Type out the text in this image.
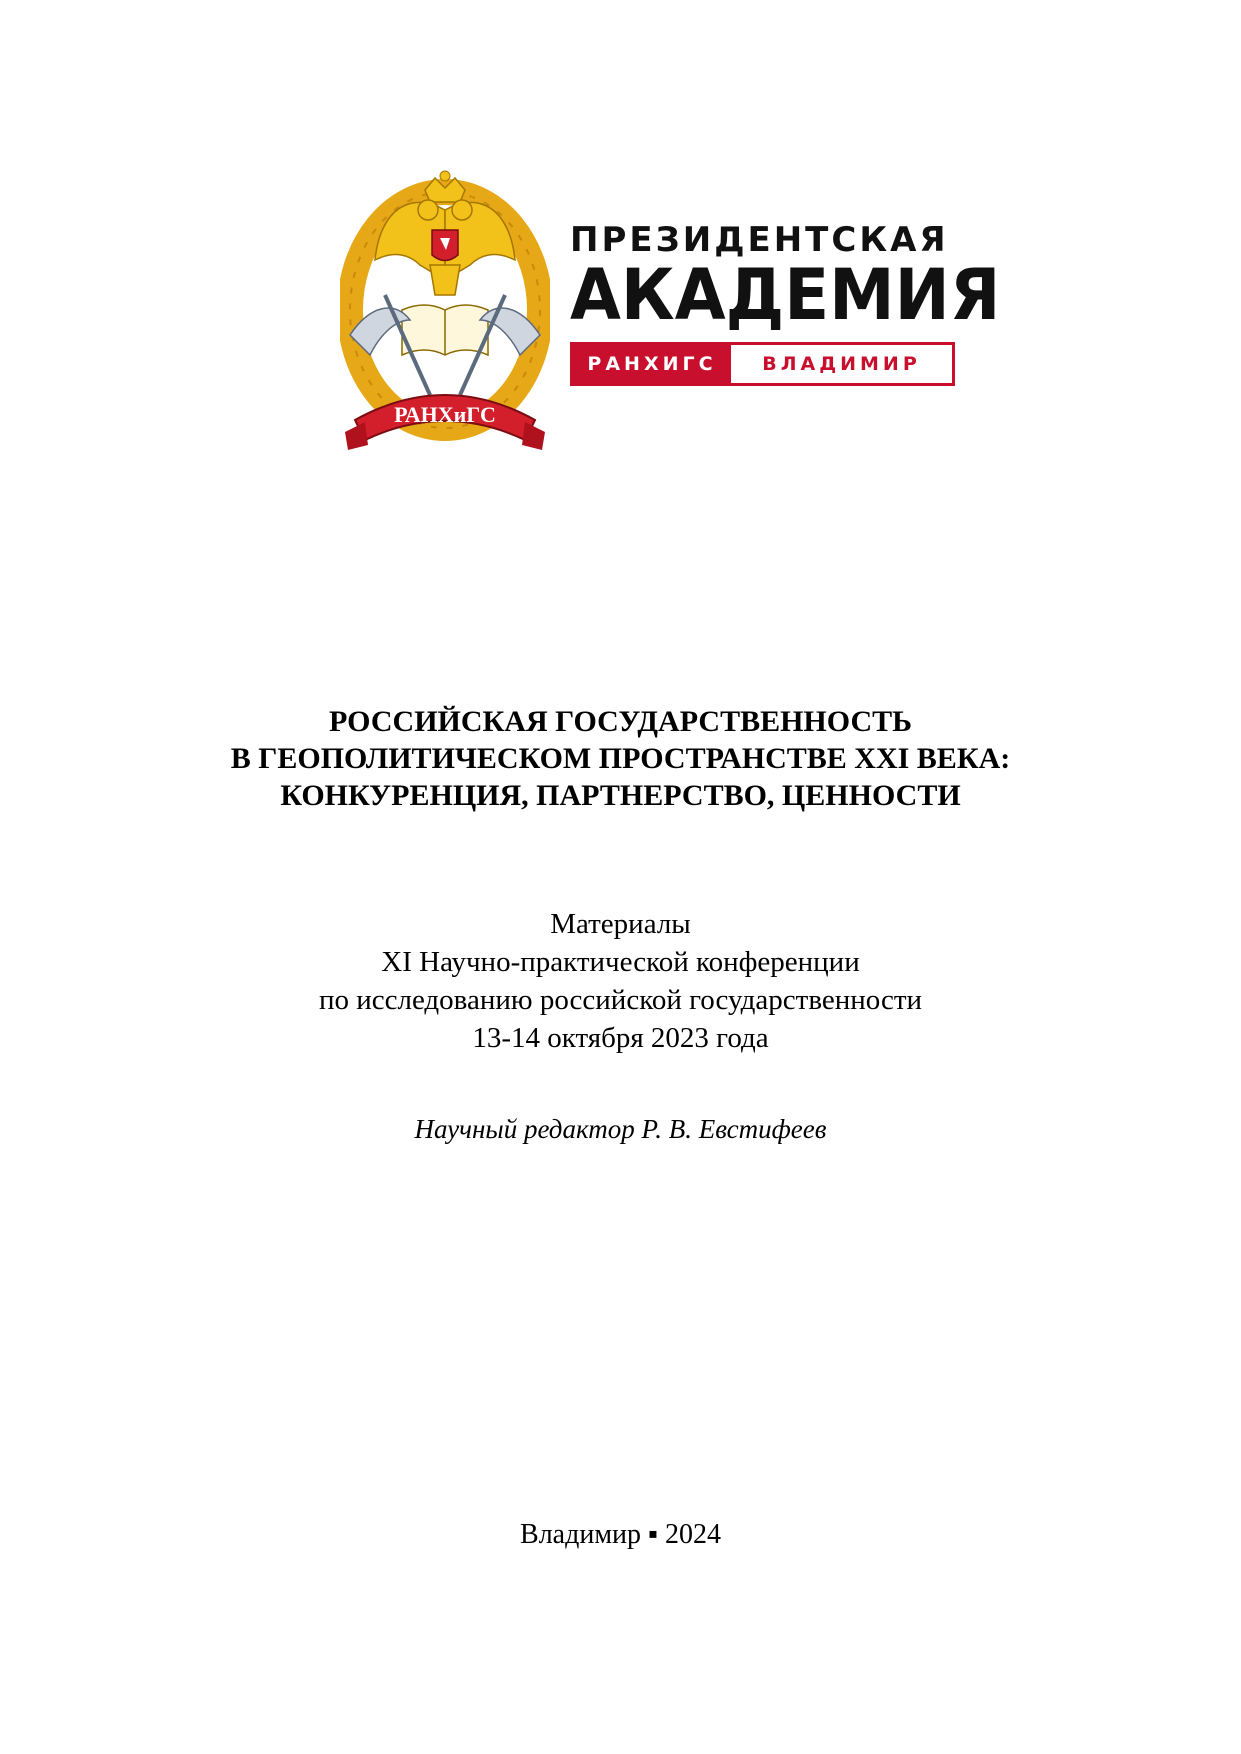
РАНХиГС
ПРЕЗИДЕНТСКАЯ
АКАДЕМИЯ
РАНХИГС	ВЛАДИМИР
РОССИЙСКАЯ ГОСУДАРСТВЕННОСТЬ
В ГЕОПОЛИТИЧЕСКОМ ПРОСТРАНСТВЕ XXI ВЕКА:
КОНКУРЕНЦИЯ, ПАРТНЕРСТВО, ЦЕННОСТИ
Материалы
XI Научно-практической конференции
по исследованию российской государственности
13-14 октября 2023 года
Научный редактор Р. В. Евстифеев
Владимир ▪ 2024
